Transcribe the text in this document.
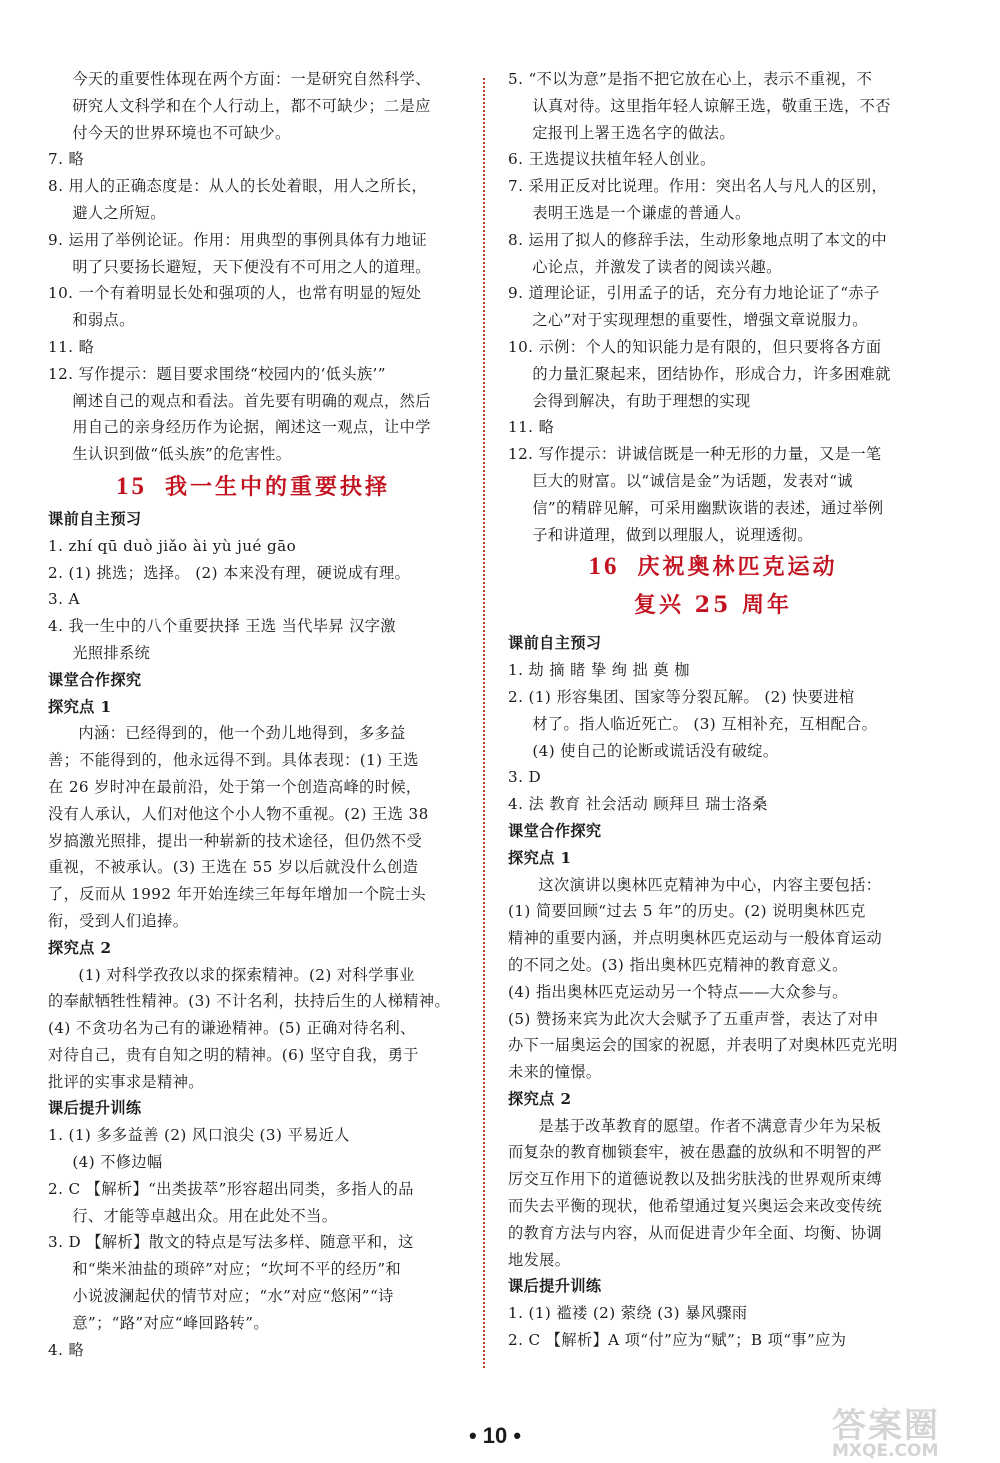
今天的重要性体现在两个方面：一是研究自然科学、
研究人文科学和在个人行动上，都不可缺少；二是应
付今天的世界环境也不可缺少。
7. 略
8. 用人的正确态度是：从人的长处着眼，用人之所长，
避人之所短。
9. 运用了举例论证。作用：用典型的事例具体有力地证
明了只要扬长避短，天下便没有不可用之人的道理。
10. 一个有着明显长处和强项的人，也常有明显的短处
和弱点。
11. 略
12. 写作提示：题目要求围绕“校园内的‘低头族’”
阐述自己的观点和看法。首先要有明确的观点，然后
用自己的亲身经历作为论据，阐述这一观点，让中学
生认识到做“低头族”的危害性。
15 我一生中的重要抉择
课前自主预习
1. zhí qū duò jiǎo ài yù jué gāo
2. (1) 挑选；选择。 (2) 本来没有理，硬说成有理。
3. A
4. 我一生中的八个重要抉择 王选 当代毕昇 汉字激
光照排系统
课堂合作探究
探究点 1
内涵：已经得到的，他一个劲儿地得到，多多益
善；不能得到的，他永远得不到。具体表现：(1) 王选
在 26 岁时冲在最前沿，处于第一个创造高峰的时候，
没有人承认，人们对他这个小人物不重视。(2) 王选 38
岁搞激光照排，提出一种崭新的技术途径，但仍然不受
重视，不被承认。(3) 王选在 55 岁以后就没什么创造
了，反而从 1992 年开始连续三年每年增加一个院士头
衔，受到人们追捧。
探究点 2
(1) 对科学孜孜以求的探索精神。(2) 对科学事业
的奉献牺牲性精神。(3) 不计名利，扶持后生的人梯精神。
(4) 不贪功名为己有的谦逊精神。(5) 正确对待名利、
对待自己，贵有自知之明的精神。(6) 坚守自我，勇于
批评的实事求是精神。
课后提升训练
1. (1) 多多益善 (2) 风口浪尖 (3) 平易近人
(4) 不修边幅
2. C 【解析】“出类拔萃”形容超出同类，多指人的品
行、才能等卓越出众。用在此处不当。
3. D 【解析】散文的特点是写法多样、随意平和，这
和“柴米油盐的琐碎”对应；“坎坷不平的经历”和
小说波澜起伏的情节对应；“水”对应“悠闲”“诗
意”；“路”对应“峰回路转”。
4. 略
5. “不以为意”是指不把它放在心上，表示不重视，不
认真对待。这里指年轻人谅解王选，敬重王选，不否
定报刊上署王选名字的做法。
6. 王选提议扶植年轻人创业。
7. 采用正反对比说理。作用：突出名人与凡人的区别，
表明王选是一个谦虚的普通人。
8. 运用了拟人的修辞手法，生动形象地点明了本文的中
心论点，并激发了读者的阅读兴趣。
9. 道理论证，引用孟子的话，充分有力地论证了“赤子
之心”对于实现理想的重要性，增强文章说服力。
10. 示例：个人的知识能力是有限的，但只要将各方面
的力量汇聚起来，团结协作，形成合力，许多困难就
会得到解决，有助于理想的实现
11. 略
12. 写作提示：讲诚信既是一种无形的力量，又是一笔
巨大的财富。以“诚信是金”为话题，发表对“诚
信”的精辟见解，可采用幽默诙谐的表述，通过举例
子和讲道理，做到以理服人，说理透彻。
16 庆祝奥林匹克运动
复兴 25 周年
课前自主预习
1. 劫 摘 睹 挚 绚 拙 奠 枷
2. (1) 形容集团、国家等分裂瓦解。 (2) 快要进棺
材了。指人临近死亡。 (3) 互相补充，互相配合。
(4) 使自己的论断或谎话没有破绽。
3. D
4. 法 教育 社会活动 顾拜旦 瑞士洛桑
课堂合作探究
探究点 1
这次演讲以奥林匹克精神为中心，内容主要包括：
(1) 简要回顾“过去 5 年”的历史。(2) 说明奥林匹克
精神的重要内涵，并点明奥林匹克运动与一般体育运动
的不同之处。(3) 指出奥林匹克精神的教育意义。
(4) 指出奥林匹克运动另一个特点——大众参与。
(5) 赞扬来宾为此次大会赋予了五重声誉，表达了对申
办下一届奥运会的国家的祝愿，并表明了对奥林匹克光明
未来的憧憬。
探究点 2
是基于改革教育的愿望。作者不满意青少年为呆板
而复杂的教育枷锁套牢，被在愚蠢的放纵和不明智的严
厉交互作用下的道德说教以及拙劣肤浅的世界观所束缚
而失去平衡的现状，他希望通过复兴奥运会来改变传统
的教育方法与内容，从而促进青少年全面、均衡、协调
地发展。
课后提升训练
1. (1) 褴褛 (2) 萦绕 (3) 暴风骤雨
2. C 【解析】A 项“付”应为“赋”；B 项“事”应为
• 10 •	答案圈
MXQE.COM
